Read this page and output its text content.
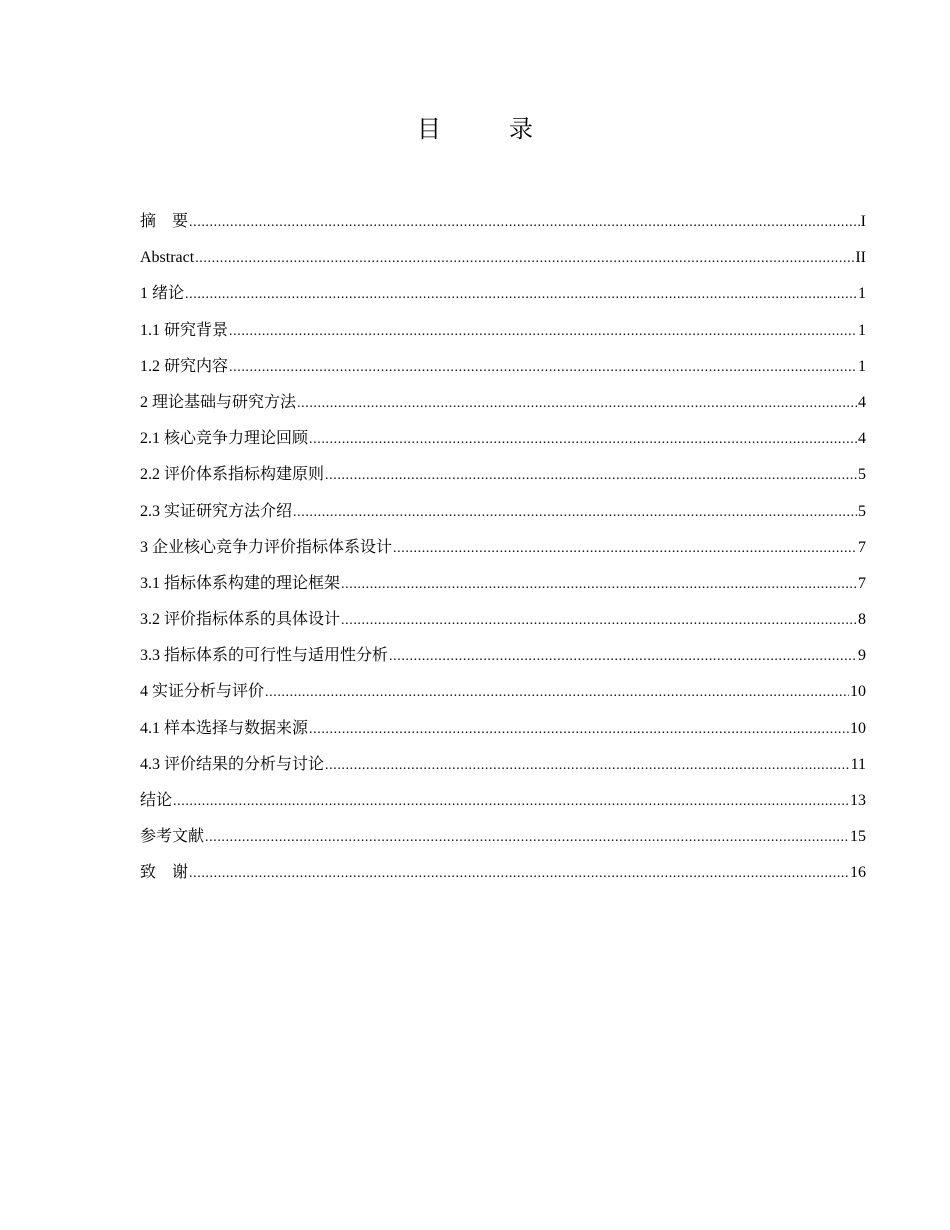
目　录
摘　要 .....	I
Abstract .....	II
1 绪论 .....	1
1.1 研究背景 .....	1
1.2 研究内容 .....	1
2 理论基础与研究方法 .....	4
2.1 核心竞争力理论回顾 .....	4
2.2 评价体系指标构建原则 .....	5
2.3 实证研究方法介绍 .....	5
3 企业核心竞争力评价指标体系设计 .....	7
3.1 指标体系构建的理论框架 .....	7
3.2 评价指标体系的具体设计 .....	8
3.3 指标体系的可行性与适用性分析 .....	9
4 实证分析与评价 .....	10
4.1 样本选择与数据来源 .....	10
4.3 评价结果的分析与讨论 .....	11
结论 .....	13
参考文献 .....	15
致　谢 .....	16
